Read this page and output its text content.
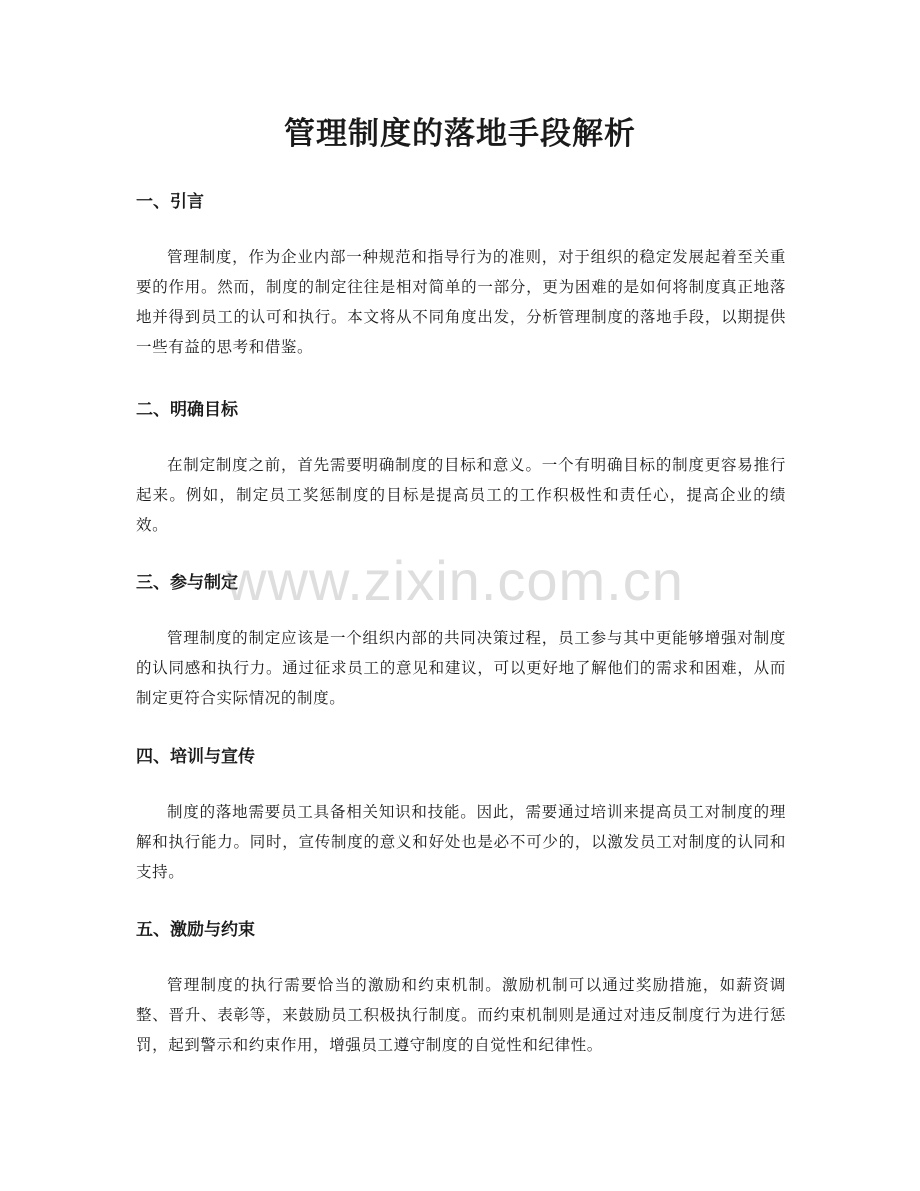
管理制度的落地手段解析
一、引言

管理制度，作为企业内部一种规范和指导行为的准则，对于组织的稳定发展起着至关重要的作用。然而，制度的制定往往是相对简单的一部分，更为困难的是如何将制度真正地落地并得到员工的认可和执行。本文将从不同角度出发，分析管理制度的落地手段，以期提供一些有益的思考和借鉴。

二、明确目标

在制定制度之前，首先需要明确制度的目标和意义。一个有明确目标的制度更容易推行起来。例如，制定员工奖惩制度的目标是提高员工的工作积极性和责任心，提高企业的绩效。

三、参与制定

管理制度的制定应该是一个组织内部的共同决策过程，员工参与其中更能够增强对制度的认同感和执行力。通过征求员工的意见和建议，可以更好地了解他们的需求和困难，从而制定更符合实际情况的制度。

四、培训与宣传

制度的落地需要员工具备相关知识和技能。因此，需要通过培训来提高员工对制度的理解和执行能力。同时，宣传制度的意义和好处也是必不可少的，以激发员工对制度的认同和支持。

五、激励与约束

管理制度的执行需要恰当的激励和约束机制。激励机制可以通过奖励措施，如薪资调整、晋升、表彰等，来鼓励员工积极执行制度。而约束机制则是通过对违反制度行为进行惩罚，起到警示和约束作用，增强员工遵守制度的自觉性和纪律性。

www.zixin.com.cn
